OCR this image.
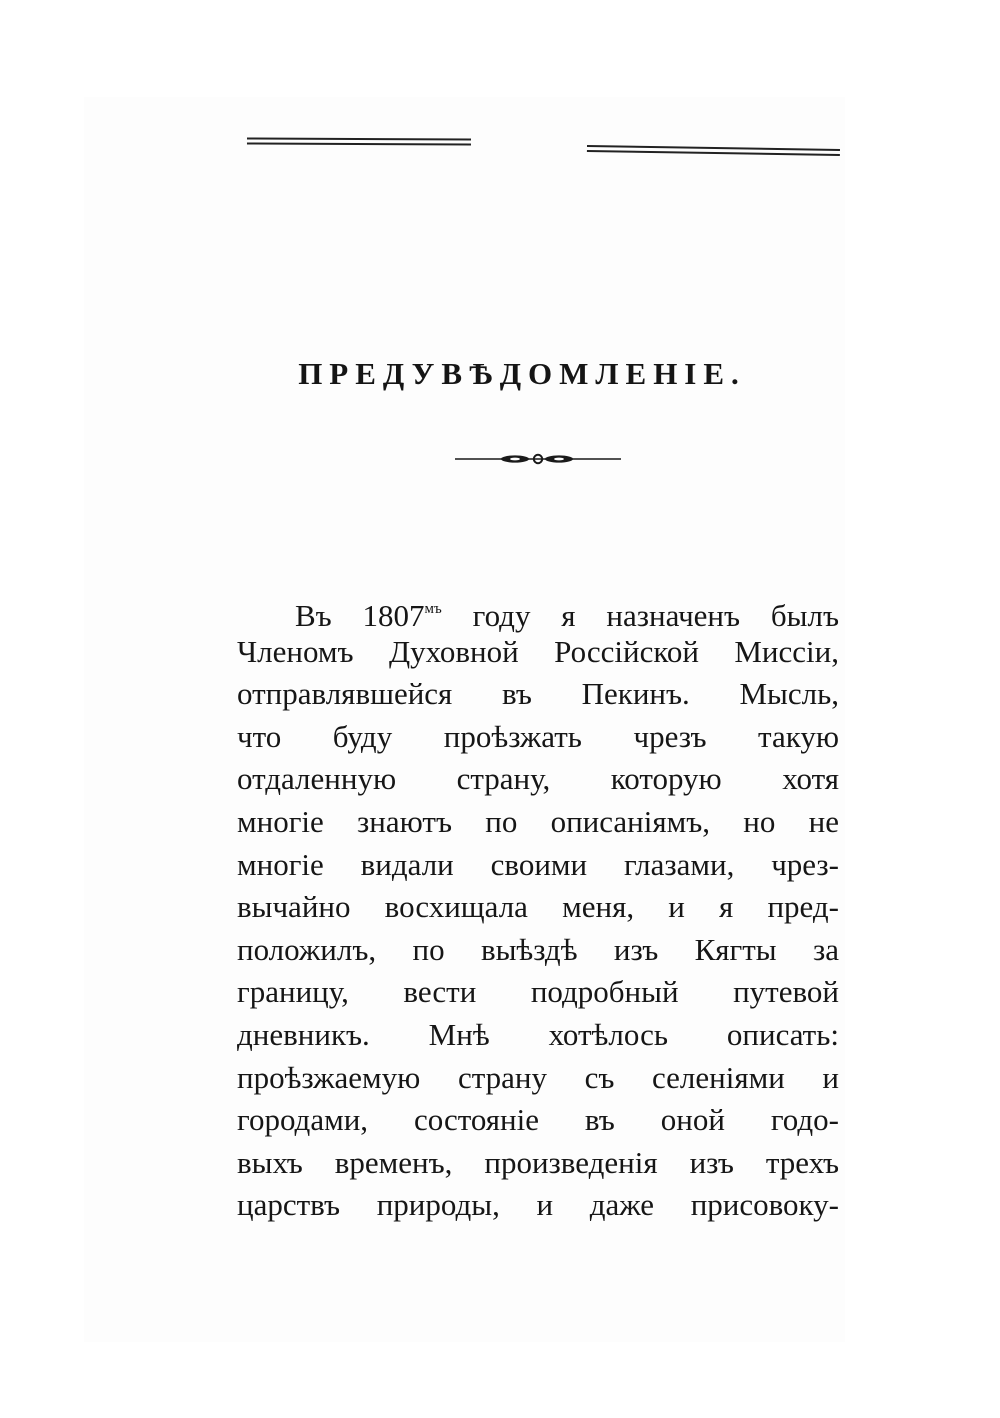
ПРЕДУВѢДОМЛЕНІЕ.
Въ $1807^{мъ}$ году я назначенъ былъ
Членомъ Духовной Россійской Миссіи,
отправлявшейся въ Пекинъ. Мысль,
что буду проѣзжать чрезъ такую
отдаленную страну, которую хотя
многіе знаютъ по описаніямъ, но не
многіе видали своими глазами, чрез-
вычайно восхищала меня, и я пред-
положилъ, по выѣздѣ изъ Кягты за
границу, вести подробный путевой
дневникъ. Мнѣ хотѣлось описать:
проѣзжаемую страну съ селеніями и
городами, состояніе въ оной годо-
выхъ временъ, произведенія изъ трехъ
царствъ природы, и даже присовоку-
